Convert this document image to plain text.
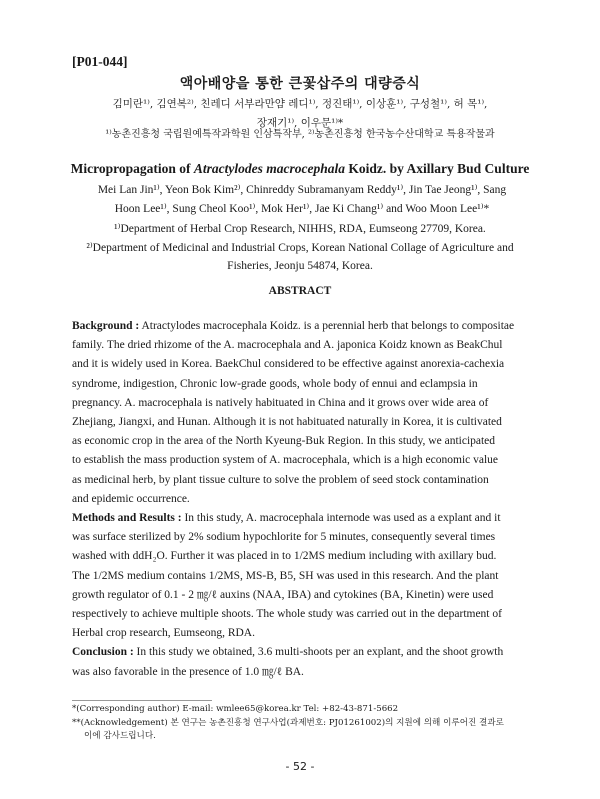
[P01-044]
액아배양을 통한 큰꽃삽주의 대량증식
김미란¹⁾, 김연복²⁾, 친레디 서부라만얌 레디¹⁾, 정진태¹⁾, 이상훈¹⁾, 구성철¹⁾, 허 목¹⁾,
장재기¹⁾, 이우문¹⁾*
¹⁾농촌진흥청 국립원예특작과학원 인삼특작부, ²⁾농촌진흥청 한국농수산대학교 특용작물과
Micropropagation of Atractylodes macrocephala Koidz. by Axillary Bud Culture
Mei Lan Jin¹⁾, Yeon Bok Kim²⁾, Chinreddy Subramanyam Reddy¹⁾, Jin Tae Jeong¹⁾, Sang
Hoon Lee¹⁾, Sung Cheol Koo¹⁾, Mok Her¹⁾, Jae Ki Chang¹⁾ and Woo Moon Lee¹⁾*
¹⁾Department of Herbal Crop Research, NIHHS, RDA, Eumseong 27709, Korea.
²⁾Department of Medicinal and Industrial Crops, Korean National Collage of Agriculture and
Fisheries, Jeonju 54874, Korea.
ABSTRACT
Background : Atractylodes macrocephala Koidz. is a perennial herb that belongs to compositae
family. The dried rhizome of the A. macrocephala and A. japonica Koidz known as BeakChul
and it is widely used in Korea. BaekChul considered to be effective against anorexia-cachexia
syndrome, indigestion, Chronic low-grade goods, whole body of ennui and eclampsia in
pregnancy. A. macrocephala is natively habituated in China and it grows over wide area of
Zhejiang, Jiangxi, and Hunan. Although it is not habituated naturally in Korea, it is cultivated
as economic crop in the area of the North Kyeung-Buk Region. In this study, we anticipated
to establish the mass production system of A. macrocephala, which is a high economic value
as medicinal herb, by plant tissue culture to solve the problem of seed stock contamination
and epidemic occurrence.
Methods and Results : In this study, A. macrocephala internode was used as a explant and it
was surface sterilized by 2% sodium hypochlorite for 5 minutes, consequently several times
washed with ddH₂O. Further it was placed in to 1/2MS medium including with axillary bud.
The 1/2MS medium contains 1/2MS, MS-B, B5, SH was used in this research. And the plant
growth regulator of 0.1 - 2 ㎎/ℓ auxins (NAA, IBA) and cytokines (BA, Kinetin) were used
respectively to achieve multiple shoots. The whole study was carried out in the department of
Herbal crop research, Eumseong, RDA.
Conclusion : In this study we obtained, 3.6 multi-shoots per an explant, and the shoot growth
was also favorable in the presence of 1.0 ㎎/ℓ BA.
*(Corresponding author) E-mail: wmlee65@korea.kr Tel: +82-43-871-5662
**(Acknowledgement) 본 연구는 농촌진흥청 연구사업(과제번호: PJ01261002)의 지원에 의해 이루어진 결과로
이에 감사드립니다.
- 52 -
